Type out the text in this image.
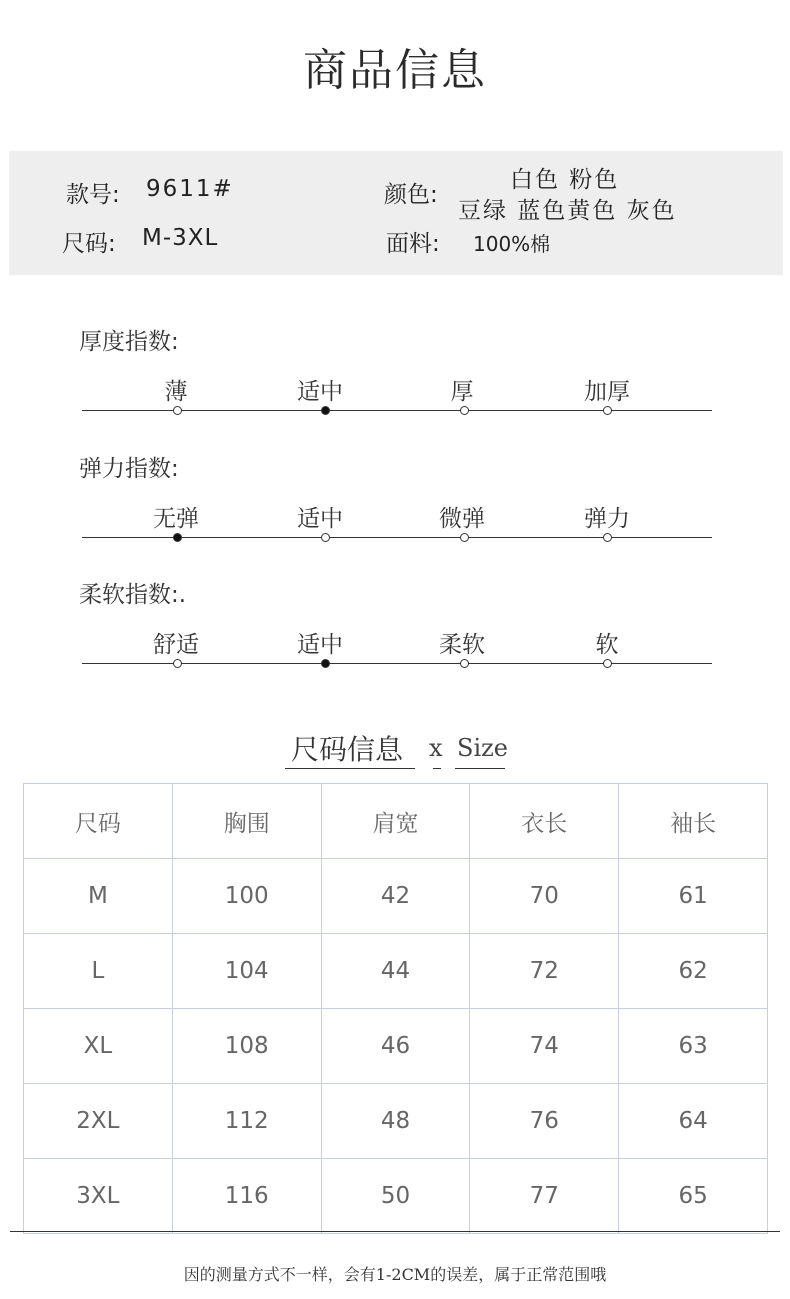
商品信息
款号: 9611#
尺码: M-3XL
颜色:
白色 粉色
豆绿 蓝色黄色 灰色
面料: 100%棉
厚度指数:
薄	适中	厚	加厚
弹力指数:
无弹	适中	微弹	弹力
柔软指数:.
舒适	适中	柔软	软
尺码信息 x Size
尺码	胸围	肩宽	衣长	袖长
M	100	42	70	61
L	104	44	72	62
XL	108	46	74	63
2XL	112	48	76	64
3XL	116	50	77	65
因的测量方式不一样，会有1-2CM的误差，属于正常范围哦
